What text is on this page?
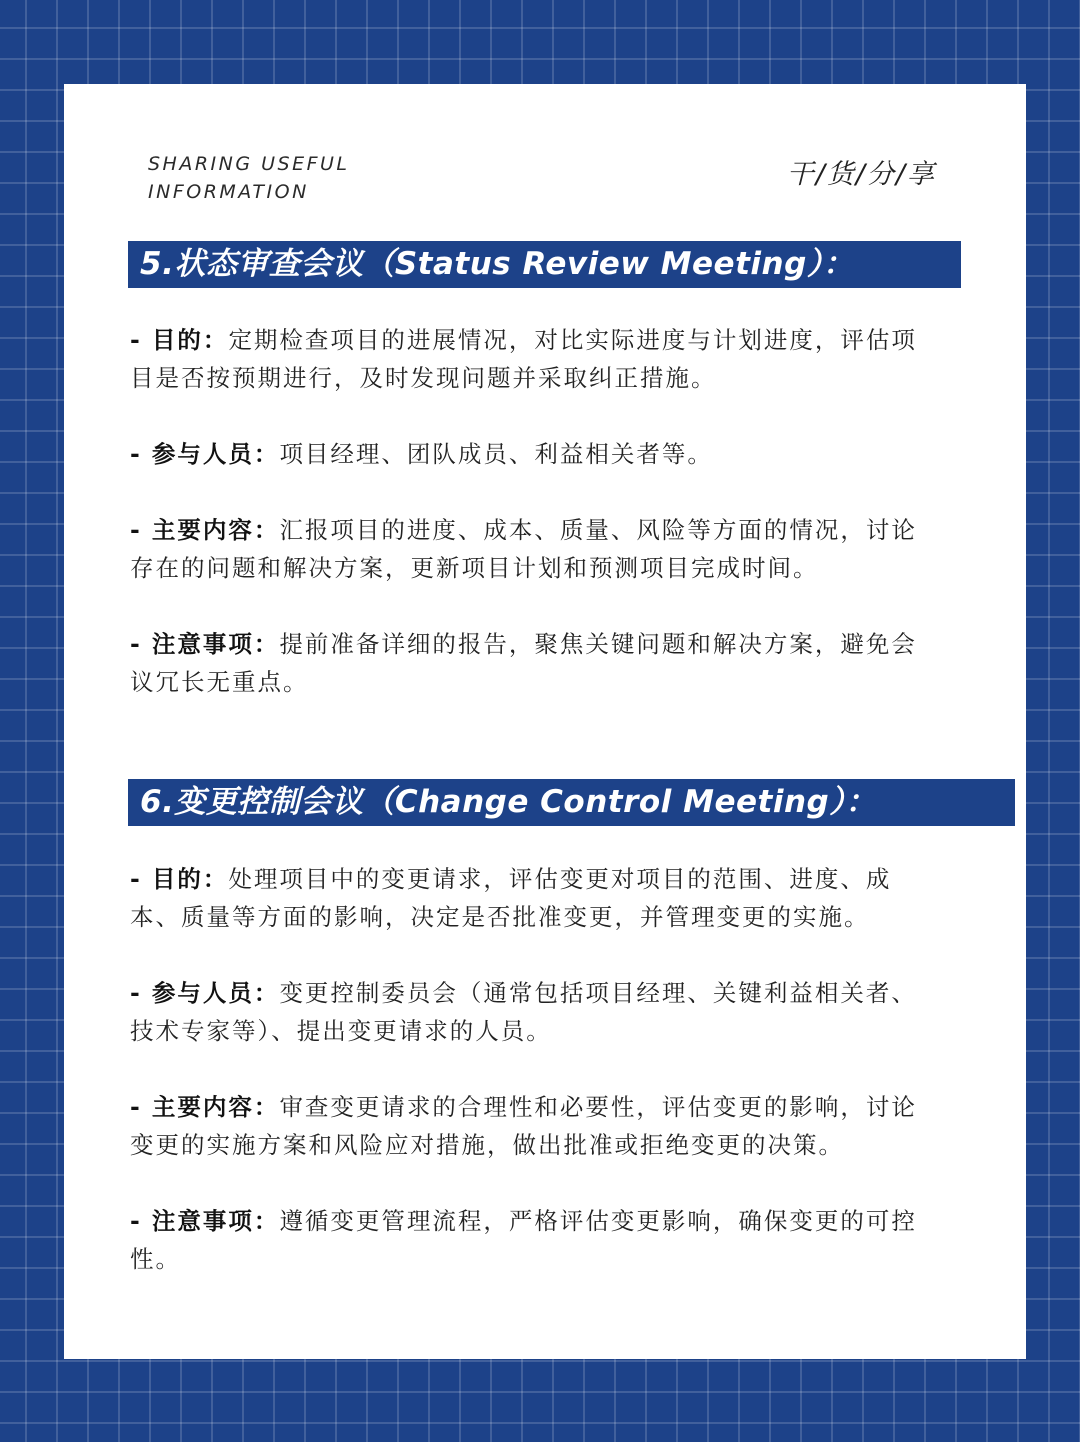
SHARING USEFUL INFORMATION

干/货/分/享

5.状态审查会议（Status Review Meeting）：

- 目的：定期检查项目的进展情况，对比实际进度与计划进度，评估项目是否按预期进行，及时发现问题并采取纠正措施。

- 参与人员：项目经理、团队成员、利益相关者等。

- 主要内容：汇报项目的进度、成本、质量、风险等方面的情况，讨论存在的问题和解决方案，更新项目计划和预测项目完成时间。

- 注意事项：提前准备详细的报告，聚焦关键问题和解决方案，避免会议冗长无重点。

6.变更控制会议（Change Control Meeting）：

- 目的：处理项目中的变更请求，评估变更对项目的范围、进度、成本、质量等方面的影响，决定是否批准变更，并管理变更的实施。

- 参与人员：变更控制委员会（通常包括项目经理、关键利益相关者、技术专家等）、提出变更请求的人员。

- 主要内容：审查变更请求的合理性和必要性，评估变更的影响，讨论变更的实施方案和风险应对措施，做出批准或拒绝变更的决策。

- 注意事项：遵循变更管理流程，严格评估变更影响，确保变更的可控性。
